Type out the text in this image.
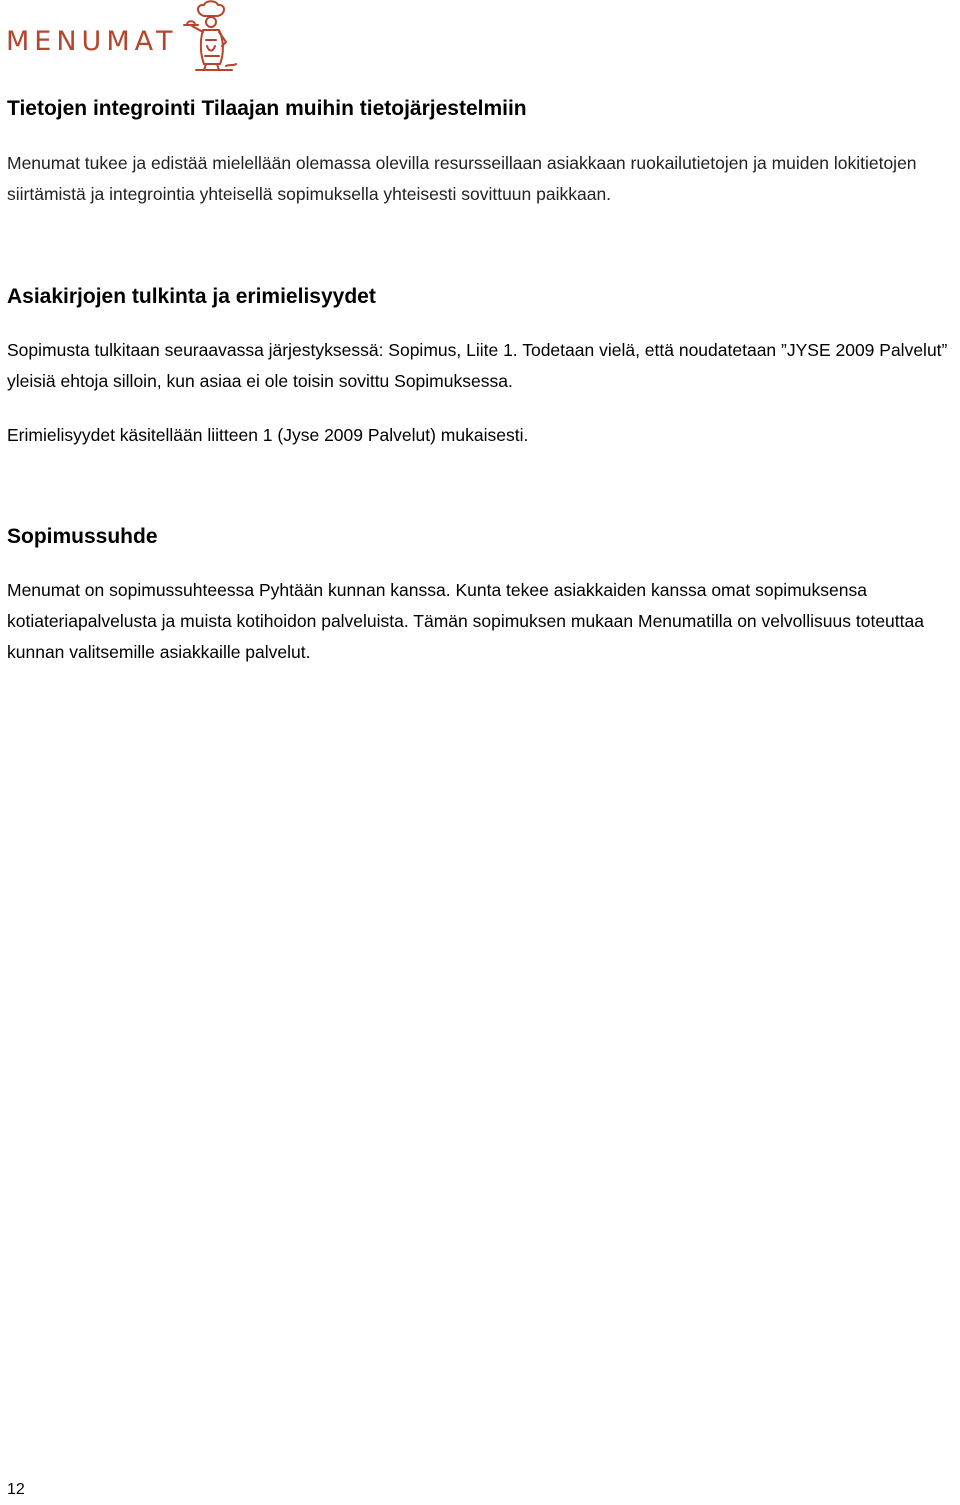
MENUMAT
Tietojen integrointi Tilaajan muihin tietojärjestelmiin

Menumat tukee ja edistää mielellään olemassa olevilla resursseillaan asiakkaan ruokailutietojen ja muiden lokitietojen siirtämistä ja integrointia yhteisellä sopimuksella yhteisesti sovittuun paikkaan.

Asiakirjojen tulkinta ja erimielisyydet

Sopimusta tulkitaan seuraavassa järjestyksessä: Sopimus, Liite 1. Todetaan vielä, että noudatetaan ”JYSE 2009 Palvelut” yleisiä ehtoja silloin, kun asiaa ei ole toisin sovittu Sopimuksessa.

Erimielisyydet käsitellään liitteen 1 (Jyse 2009 Palvelut) mukaisesti.

Sopimussuhde

Menumat on sopimussuhteessa Pyhtään kunnan kanssa. Kunta tekee asiakkaiden kanssa omat sopimuksensa kotiateriapalvelusta ja muista kotihoidon palveluista. Tämän sopimuksen mukaan Menumatilla on velvollisuus toteuttaa kunnan valitsemille asiakkaille palvelut.

12
